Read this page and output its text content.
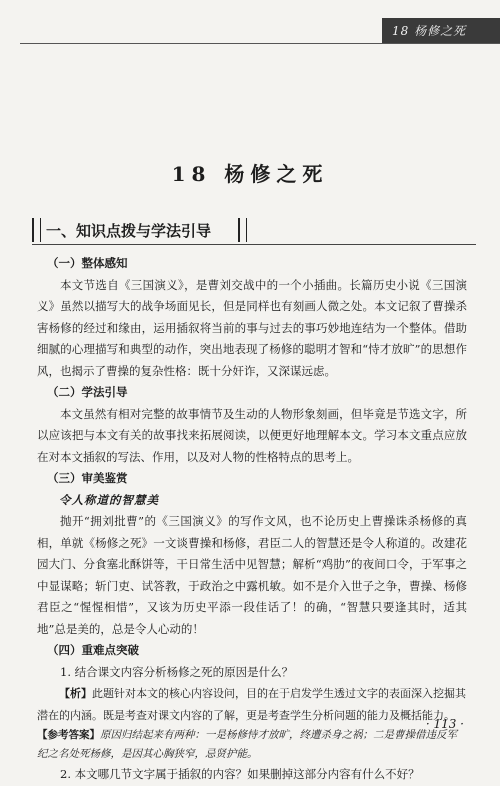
18 杨修之死
18 杨修之死
一、知识点拨与学法引导

（一）整体感知

本文节选自《三国演义》，是曹刘交战中的一个小插曲。长篇历史小说《三国演义》虽然以描写大的战争场面见长，但是同样也有刻画人微之处。本文记叙了曹操杀害杨修的经过和缘由，运用插叙将当前的事与过去的事巧妙地连结为一个整体。借助细腻的心理描写和典型的动作，突出地表现了杨修的聪明才智和“恃才放旷”的思想作风，也揭示了曹操的复杂性格：既十分奸诈，又深谋远虑。

（二）学法引导

本文虽然有相对完整的故事情节及生动的人物形象刻画，但毕竟是节选文字，所以应该把与本文有关的故事找来拓展阅读，以便更好地理解本文。学习本文重点应放在对本文插叙的写法、作用，以及对人物的性格特点的思考上。

（三）审美鉴赏

令人称道的智慧美

抛开“拥刘批曹”的《三国演义》的写作文风，也不论历史上曹操诛杀杨修的真相，单就《杨修之死》一文谈曹操和杨修，君臣二人的智慧还是令人称道的。改建花园大门、分食塞北酥饼等，干日常生活中见智慧；解析“鸡肋”的夜间口令，于军事之中显谋略；斩门吏、试答教，于政治之中露机敏。如不是介入世子之争，曹操、杨修君臣之“惺惺相惜”，又该为历史平添一段佳话了！的确，“智慧只要逢其时，适其地”总是美的，总是令人心动的！

（四）重难点突破

1. 结合课文内容分析杨修之死的原因是什么？

【析】此题针对本文的核心内容设问，目的在于启发学生透过文字的表面深入挖掘其潜在的内涵。既是考查对课文内容的了解，更是考查学生分析问题的能力及概括能力。

【参考答案】原因归结起来有两种：一是杨修恃才放旷，终遭杀身之祸；二是曹操借违反军纪之名处死杨修，是因其心胸狭窄，忌贤护能。

2. 本文哪几节文字属于插叙的内容？如果删掉这部分内容有什么不好？

· 113 ·
